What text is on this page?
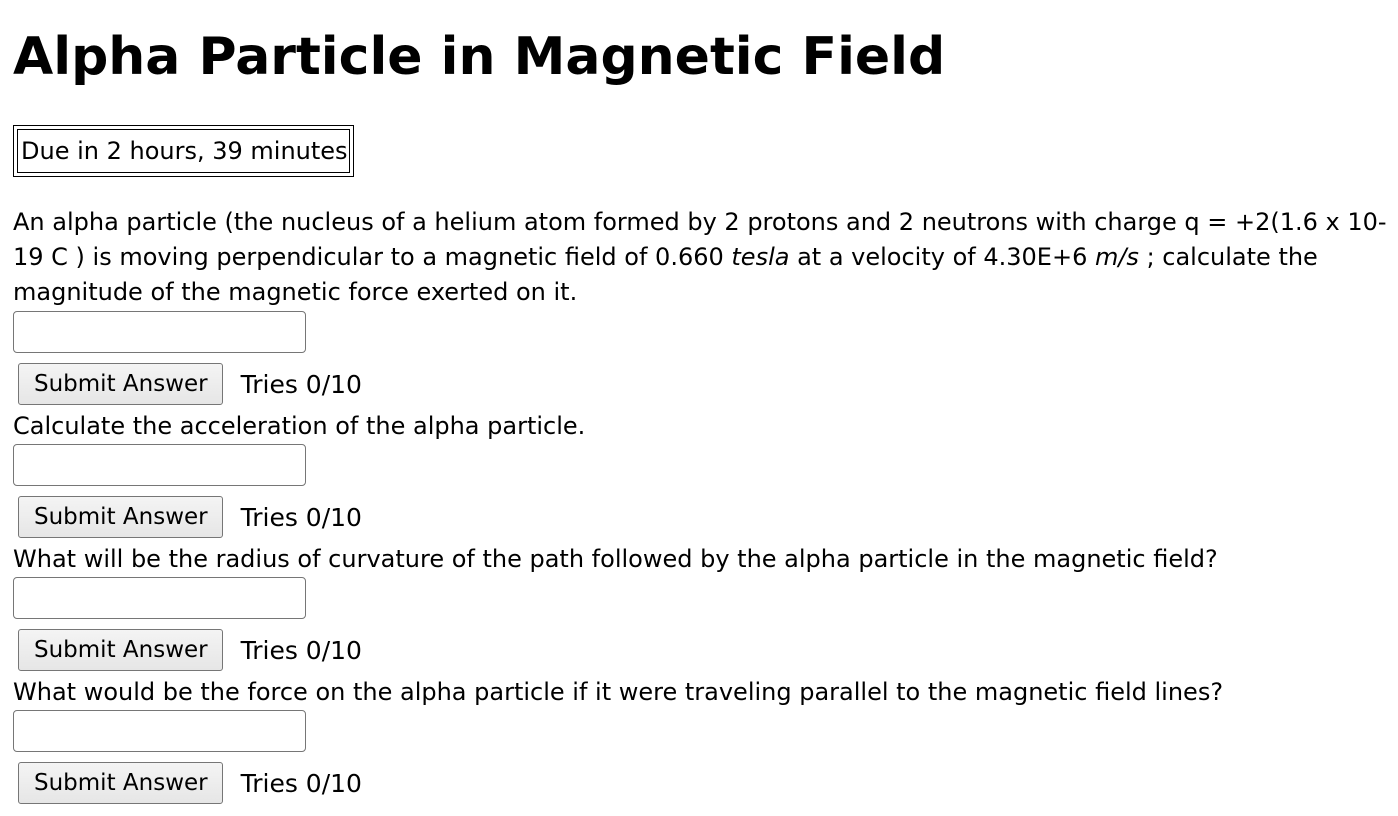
Alpha Particle in Magnetic Field
Due in 2 hours, 39 minutes
An alpha particle (the nucleus of a helium atom formed by 2 protons and 2 neutrons with charge q = +2(1.6 x 10-19 C ) is moving perpendicular to a magnetic field of 0.660 tesla at a velocity of 4.30E+6 m/s ; calculate the magnitude of the magnetic force exerted on it.
Submit Answer	Tries 0/10
Calculate the acceleration of the alpha particle.
Submit Answer	Tries 0/10
What will be the radius of curvature of the path followed by the alpha particle in the magnetic field?
Submit Answer	Tries 0/10
What would be the force on the alpha particle if it were traveling parallel to the magnetic field lines?
Submit Answer	Tries 0/10
